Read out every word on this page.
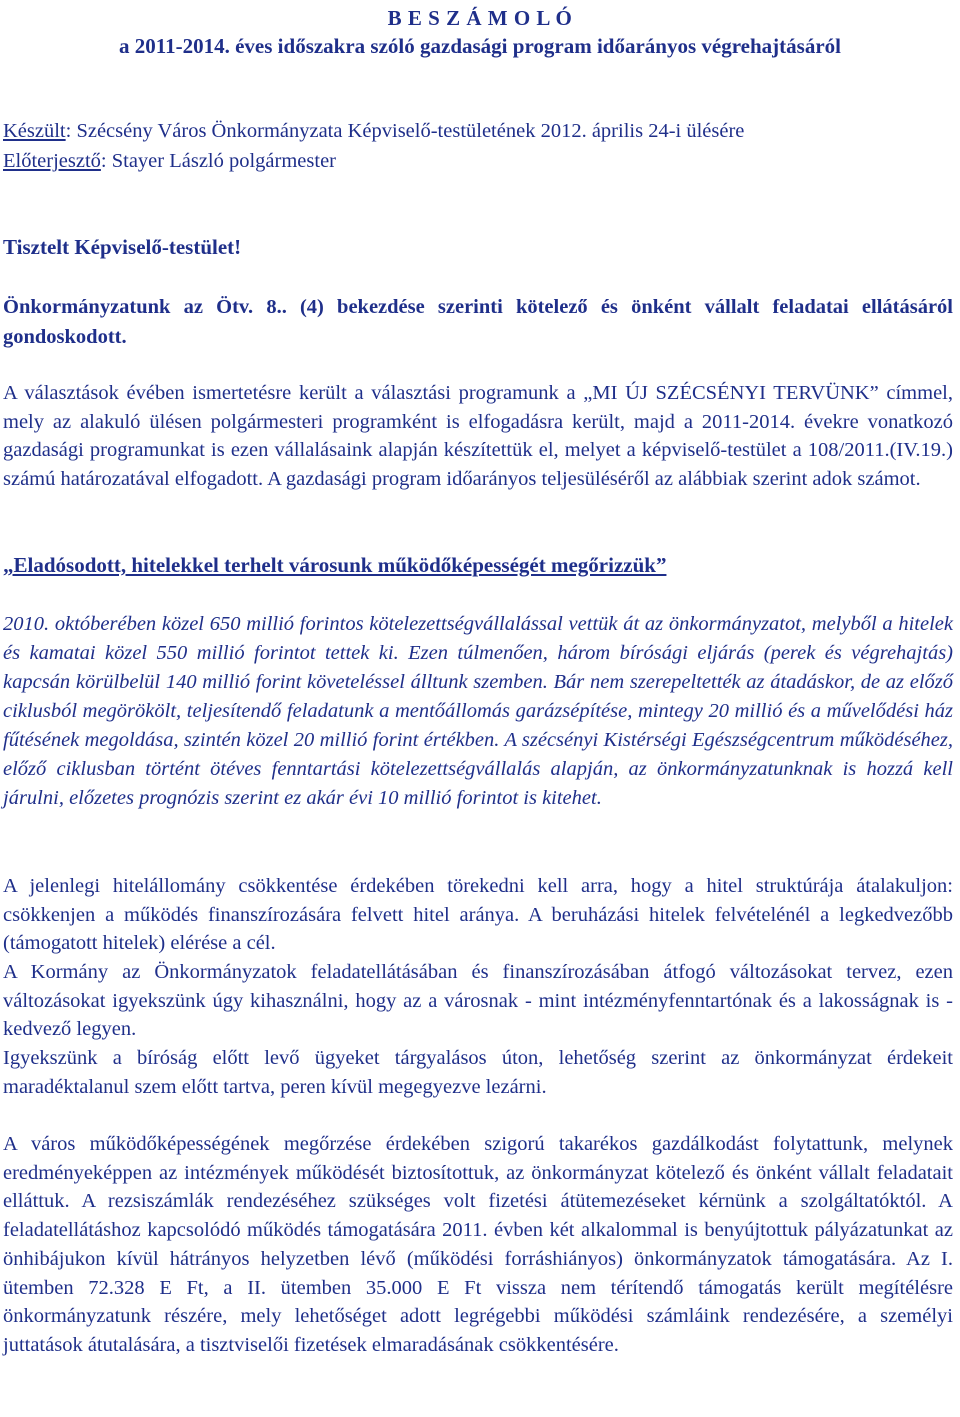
B E S Z Á M O L Ó
a 2011-2014. éves időszakra szóló gazdasági program időarányos végrehajtásáról
Készült: Szécsény Város Önkormányzata Képviselő-testületének 2012. április 24-i ülésére
Előterjesztő: Stayer László polgármester
Tisztelt Képviselő-testület!
Önkormányzatunk az Ötv. 8.. (4) bekezdése szerinti kötelező és önként vállalt feladatai ellátásáról gondoskodott.
A választások évében ismertetésre került a választási programunk a „MI ÚJ SZÉCSÉNYI TERVÜNK” címmel, mely az alakuló ülésen polgármesteri programként is elfogadásra került, majd a 2011-2014. évekre vonatkozó gazdasági programunkat is ezen vállalásaink alapján készítettük el, melyet a képviselő-testület a 108/2011.(IV.19.) számú határozatával elfogadott. A gazdasági program időarányos teljesüléséről az alábbiak szerint adok számot.
„Eladósodott, hitelekkel terhelt városunk működőképességét megőrizzük”
2010. októberében közel 650 millió forintos kötelezettségvállalással vettük át az önkormányzatot, melyből a hitelek és kamatai közel 550 millió forintot tettek ki. Ezen túlmenően, három bírósági eljárás (perek és végrehajtás) kapcsán körülbelül 140 millió forint követeléssel álltunk szemben. Bár nem szerepeltették az átadáskor, de az előző ciklusból megörökölt, teljesítendő feladatunk a mentőállomás garázsépítése, mintegy 20 millió és a művelődési ház fűtésének megoldása, szintén közel 20 millió forint értékben. A szécsényi Kistérségi Egészségcentrum működéséhez, előző ciklusban történt ötéves fenntartási kötelezettségvállalás alapján, az önkormányzatunknak is hozzá kell járulni, előzetes prognózis szerint ez akár évi 10 millió forintot is kitehet.
A jelenlegi hitelállomány csökkentése érdekében törekedni kell arra, hogy a hitel struktúrája átalakuljon: csökkenjen a működés finanszírozására felvett hitel aránya. A beruházási hitelek felvételénél a legkedvezőbb (támogatott hitelek) elérése a cél.
A Kormány az Önkormányzatok feladatellátásában és finanszírozásában átfogó változásokat tervez, ezen változásokat igyekszünk úgy kihasználni, hogy az a városnak - mint intézményfenntartónak és a lakosságnak is - kedvező legyen.
Igyekszünk a bíróság előtt levő ügyeket tárgyalásos úton, lehetőség szerint az önkormányzat érdekeit maradéktalanul szem előtt tartva, peren kívül megegyezve lezárni.
A város működőképességének megőrzése érdekében szigorú takarékos gazdálkodást folytattunk, melynek eredményeképpen az intézmények működését biztosítottuk, az önkormányzat kötelező és önként vállalt feladatait elláttuk. A rezsiszámlák rendezéséhez szükséges volt fizetési átütemezéseket kérnünk a szolgáltatóktól. A feladatellátáshoz kapcsolódó működés támogatására 2011. évben két alkalommal is benyújtottuk pályázatunkat az önhibájukon kívül hátrányos helyzetben lévő (működési forráshiányos) önkormányzatok támogatására. Az I. ütemben 72.328 E Ft, a II. ütemben 35.000 E Ft vissza nem térítendő támogatás került megítélésre önkormányzatunk részére, mely lehetőséget adott legrégebbi működési számláink rendezésére, a személyi juttatások átutalására, a tisztviselői fizetések elmaradásának csökkentésére.
